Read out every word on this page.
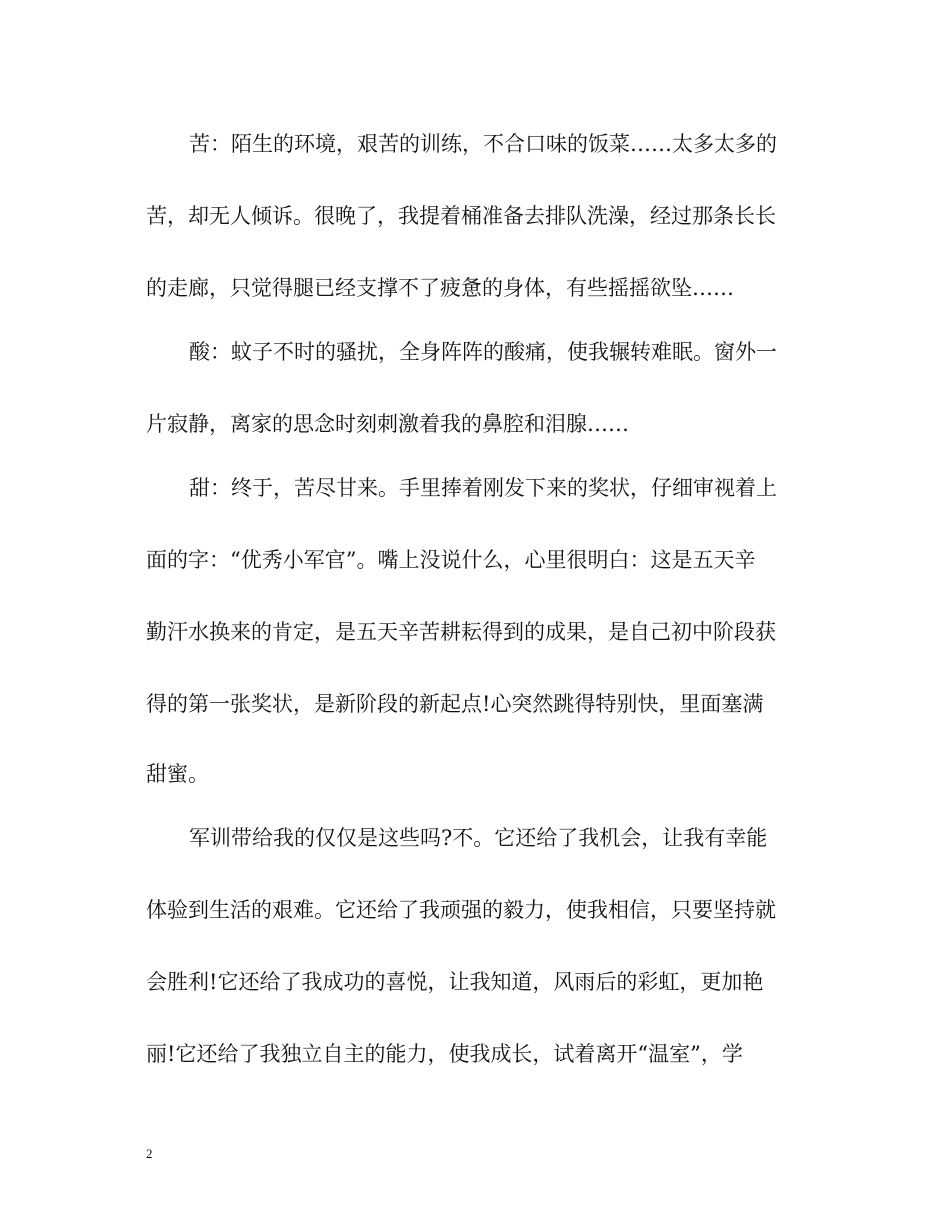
苦：陌生的环境，艰苦的训练，不合口味的饭菜……太多太多的
苦，却无人倾诉。很晚了，我提着桶准备去排队洗澡，经过那条长长
的走廊，只觉得腿已经支撑不了疲惫的身体，有些摇摇欲坠……
酸：蚊子不时的骚扰，全身阵阵的酸痛，使我辗转难眠。窗外一
片寂静，离家的思念时刻刺激着我的鼻腔和泪腺……
甜：终于，苦尽甘来。手里捧着刚发下来的奖状，仔细审视着上
面的字：“优秀小军官”。嘴上没说什么，心里很明白：这是五天辛
勤汗水换来的肯定，是五天辛苦耕耘得到的成果，是自己初中阶段获
得的第一张奖状，是新阶段的新起点!心突然跳得特别快，里面塞满
甜蜜。
军训带给我的仅仅是这些吗?不。它还给了我机会，让我有幸能
体验到生活的艰难。它还给了我顽强的毅力，使我相信，只要坚持就
会胜利!它还给了我成功的喜悦，让我知道，风雨后的彩虹，更加艳
丽!它还给了我独立自主的能力，使我成长，试着离开“温室”，学
2
